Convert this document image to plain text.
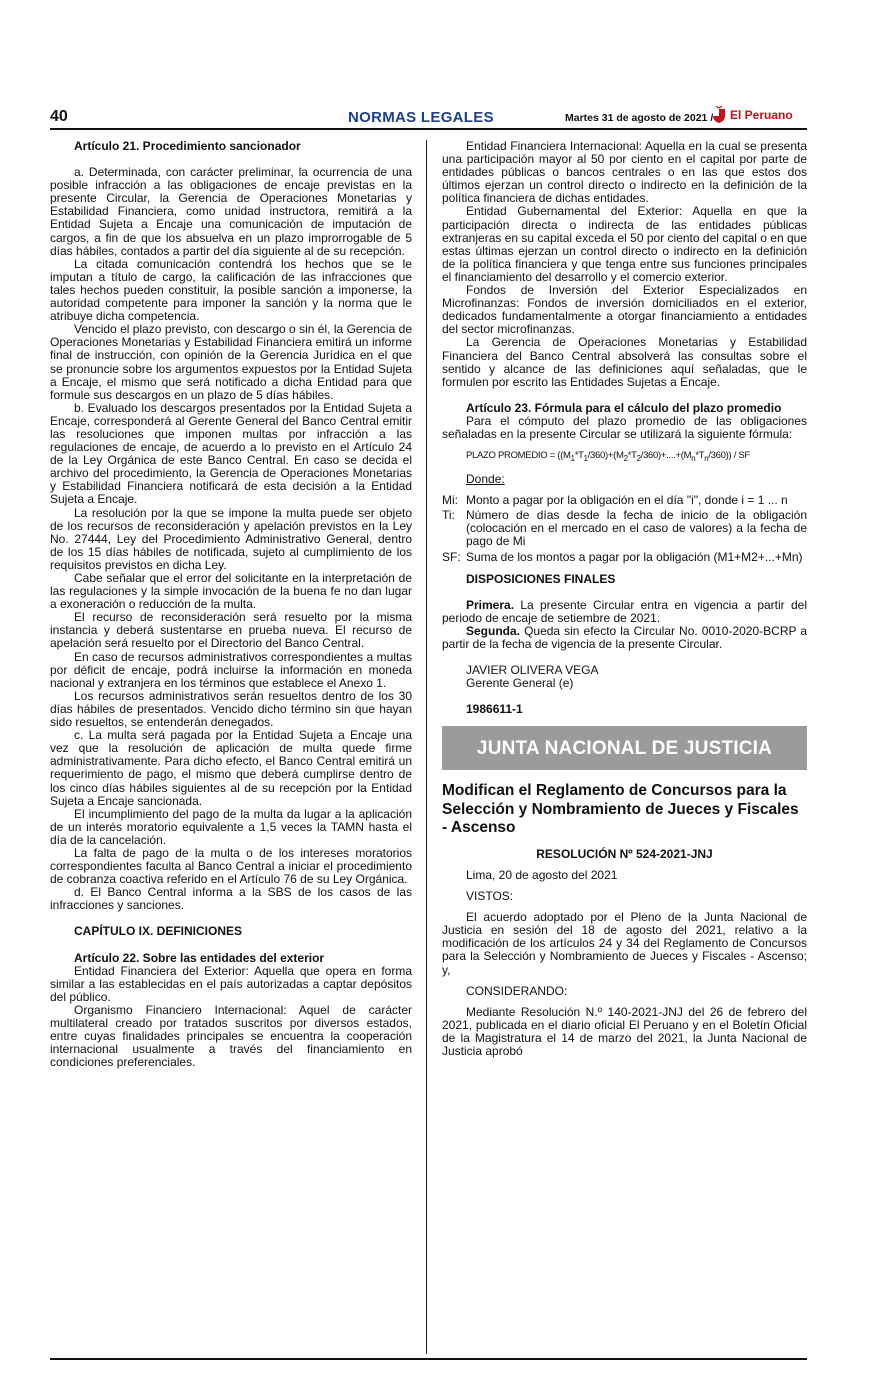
40	NORMAS LEGALES	Martes 31 de agosto de 2021 / El Peruano
Artículo 21. Procedimiento sancionador

a. Determinada, con carácter preliminar, la ocurrencia de una posible infracción a las obligaciones de encaje previstas en la presente Circular, la Gerencia de Operaciones Monetarias y Estabilidad Financiera, como unidad instructora, remitirá a la Entidad Sujeta a Encaje una comunicación de imputación de cargos, a fin de que los absuelva en un plazo improrrogable de 5 días hábiles, contados a partir del día siguiente al de su recepción.

La citada comunicación contendrá los hechos que se le imputan a título de cargo, la calificación de las infracciones que tales hechos pueden constituir, la posible sanción a imponerse, la autoridad competente para imponer la sanción y la norma que le atribuye dicha competencia.

Vencido el plazo previsto, con descargo o sin él, la Gerencia de Operaciones Monetarias y Estabilidad Financiera emitirá un informe final de instrucción, con opinión de la Gerencia Jurídica en el que se pronuncie sobre los argumentos expuestos por la Entidad Sujeta a Encaje, el mismo que será notificado a dicha Entidad para que formule sus descargos en un plazo de 5 días hábiles.

b. Evaluado los descargos presentados por la Entidad Sujeta a Encaje, corresponderá al Gerente General del Banco Central emitir las resoluciones que imponen multas por infracción a las regulaciones de encaje, de acuerdo a lo previsto en el Artículo 24 de la Ley Orgánica de este Banco Central. En caso se decida el archivo del procedimiento, la Gerencia de Operaciones Monetarias y Estabilidad Financiera notificará de esta decisión a la Entidad Sujeta a Encaje.

La resolución por la que se impone la multa puede ser objeto de los recursos de reconsideración y apelación previstos en la Ley No. 27444, Ley del Procedimiento Administrativo General, dentro de los 15 días hábiles de notificada, sujeto al cumplimiento de los requisitos previstos en dicha Ley.

Cabe señalar que el error del solicitante en la interpretación de las regulaciones y la simple invocación de la buena fe no dan lugar a exoneración o reducción de la multa.

El recurso de reconsideración será resuelto por la misma instancia y deberá sustentarse en prueba nueva. El recurso de apelación será resuelto por el Directorio del Banco Central.

En caso de recursos administrativos correspondientes a multas por déficit de encaje, podrá incluirse la información en moneda nacional y extranjera en los términos que establece el Anexo 1.

Los recursos administrativos serán resueltos dentro de los 30 días hábiles de presentados. Vencido dicho término sin que hayan sido resueltos, se entenderán denegados.

c. La multa será pagada por la Entidad Sujeta a Encaje una vez que la resolución de aplicación de multa quede firme administrativamente. Para dicho efecto, el Banco Central emitirá un requerimiento de pago, el mismo que deberá cumplirse dentro de los cinco días hábiles siguientes al de su recepción por la Entidad Sujeta a Encaje sancionada.

El incumplimiento del pago de la multa da lugar a la aplicación de un interés moratorio equivalente a 1,5 veces la TAMN hasta el día de la cancelación.

La falta de pago de la multa o de los intereses moratorios correspondientes faculta al Banco Central a iniciar el procedimiento de cobranza coactiva referido en el Artículo 76 de su Ley Orgánica.

d. El Banco Central informa a la SBS de los casos de las infracciones y sanciones.

CAPÍTULO IX. DEFINICIONES
Artículo 22. Sobre las entidades del exterior

Entidad Financiera del Exterior: Aquella que opera en forma similar a las establecidas en el país autorizadas a captar depósitos del público.

Organismo Financiero Internacional: Aquel de carácter multilateral creado por tratados suscritos por diversos estados, entre cuyas finalidades principales se encuentra la cooperación internacional usualmente a través del financiamiento en condiciones preferenciales.

Entidad Financiera Internacional: Aquella en la cual se presenta una participación mayor al 50 por ciento en el capital por parte de entidades públicas o bancos centrales o en las que estos dos últimos ejerzan un control directo o indirecto en la definición de la política financiera de dichas entidades.

Entidad Gubernamental del Exterior: Aquella en que la participación directa o indirecta de las entidades públicas extranjeras en su capital exceda el 50 por ciento del capital o en que estas últimas ejerzan un control directo o indirecto en la definición de la política financiera y que tenga entre sus funciones principales el financiamiento del desarrollo y el comercio exterior.

Fondos de Inversión del Exterior Especializados en Microfinanzas: Fondos de inversión domiciliados en el exterior, dedicados fundamentalmente a otorgar financiamiento a entidades del sector microfinanzas.

La Gerencia de Operaciones Monetarias y Estabilidad Financiera del Banco Central absolverá las consultas sobre el sentido y alcance de las definiciones aquí señaladas, que le formulen por escrito las Entidades Sujetas a Encaje.

Artículo 23. Fórmula para el cálculo del plazo promedio

Para el cómputo del plazo promedio de las obligaciones señaladas en la presente Circular se utilizará la siguiente fórmula:

PLAZO PROMEDIO = $((M_1*T_1/360)+(M_2*T_2/360)+....+(M_n*T_n/360))$ / SF

Donde:

Mi: Monto a pagar por la obligación en el día "i", donde i = 1 ... n
Ti: Número de días desde la fecha de inicio de la obligación (colocación en el mercado en el caso de valores) a la fecha de pago de Mi
SF: Suma de los montos a pagar por la obligación (M1+M2+...+Mn)
DISPOSICIONES FINALES

Primera. La presente Circular entra en vigencia a partir del periodo de encaje de setiembre de 2021.

Segunda. Queda sin efecto la Circular No. 0010-2020-BCRP a partir de la fecha de vigencia de la presente Circular.

JAVIER OLIVERA VEGA

Gerente General (e)

1986611-1

JUNTA NACIONAL DE JUSTICIA
Modifican el Reglamento de Concursos para la Selección y Nombramiento de Jueces y Fiscales - Ascenso
RESOLUCIÓN Nº 524-2021-JNJ

Lima, 20 de agosto del 2021

VISTOS:

El acuerdo adoptado por el Pleno de la Junta Nacional de Justicia en sesión del 18 de agosto del 2021, relativo a la modificación de los artículos 24 y 34 del Reglamento de Concursos para la Selección y Nombramiento de Jueces y Fiscales - Ascenso; y,

CONSIDERANDO:

Mediante Resolución N.º 140-2021-JNJ del 26 de febrero del 2021, publicada en el diario oficial El Peruano y en el Boletín Oficial de la Magistratura el 14 de marzo del 2021, la Junta Nacional de Justicia aprobó
